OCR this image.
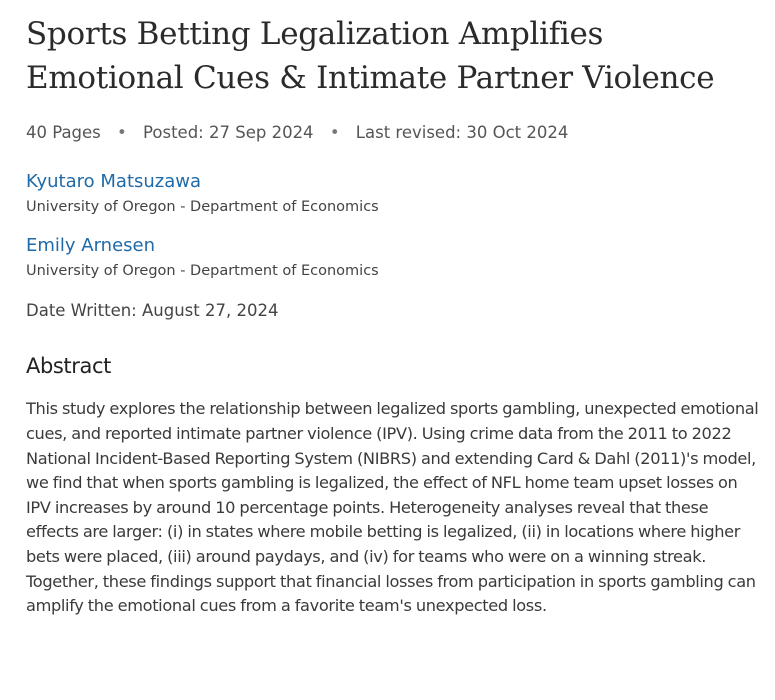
Sports Betting Legalization Amplifies
Emotional Cues & Intimate Partner Violence
40 Pages • Posted: 27 Sep 2024 • Last revised: 30 Oct 2024
Kyutaro Matsuzawa
University of Oregon - Department of Economics
Emily Arnesen
University of Oregon - Department of Economics
Date Written: August 27, 2024
Abstract

This study explores the relationship between legalized sports gambling, unexpected emotional cues, and reported intimate partner violence (IPV). Using crime data from the 2011 to 2022 National Incident-Based Reporting System (NIBRS) and extending Card & Dahl (2011)'s model, we find that when sports gambling is legalized, the effect of NFL home team upset losses on IPV increases by around 10 percentage points. Heterogeneity analyses reveal that these effects are larger: (i) in states where mobile betting is legalized, (ii) in locations where higher bets were placed, (iii) around paydays, and (iv) for teams who were on a winning streak. Together, these findings support that financial losses from participation in sports gambling can amplify the emotional cues from a favorite team's unexpected loss.
